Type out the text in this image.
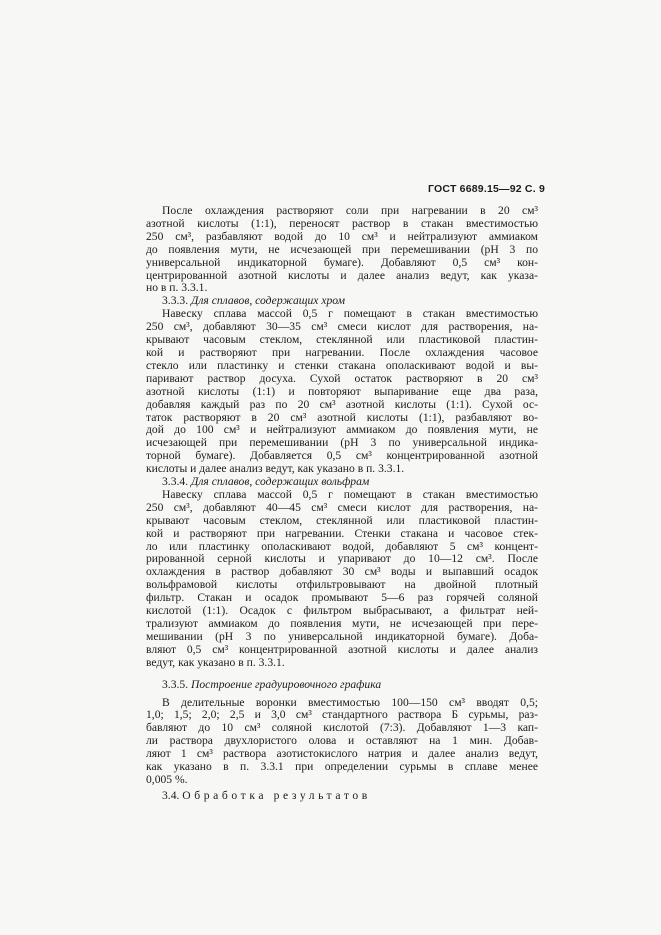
ГОСТ 6689.15—92 С. 9
После охлаждения растворяют соли при нагревании в 20 см³
азотной кислоты (1:1), переносят раствор в стакан вместимостью
250 см³, разбавляют водой до 10 см³ и нейтрализуют аммиаком
до появления мути, не исчезающей при перемешивании (рН 3 по
универсальной индикаторной бумаге). Добавляют 0,5 см³ кон-
центрированной азотной кислоты и далее анализ ведут, как указа-
но в п. 3.3.1.
3.3.3. Для сплавов, содержащих хром
Навеску сплава массой 0,5 г помещают в стакан вместимостью
250 см³, добавляют 30—35 см³ смеси кислот для растворения, на-
крывают часовым стеклом, стеклянной или пластиковой пластин-
кой и растворяют при нагревании. После охлаждения часовое
стекло или пластинку и стенки стакана ополаскивают водой и вы-
паривают раствор досуха. Сухой остаток растворяют в 20 см³
азотной кислоты (1:1) и повторяют выпаривание еще два раза,
добавляя каждый раз по 20 см³ азотной кислоты (1:1). Сухой ос-
таток растворяют в 20 см³ азотной кислоты (1:1), разбавляют во-
дой до 100 см³ и нейтрализуют аммиаком до появления мути, не
исчезающей при перемешивании (рН 3 по универсальной индика-
торной бумаге). Добавляется 0,5 см³ концентрированной азотной
кислоты и далее анализ ведут, как указано в п. 3.3.1.
3.3.4. Для сплавов, содержащих вольфрам
Навеску сплава массой 0,5 г помещают в стакан вместимостью
250 см³, добавляют 40—45 см³ смеси кислот для растворения, на-
крывают часовым стеклом, стеклянной или пластиковой пластин-
кой и растворяют при нагревании. Стенки стакана и часовое стек-
ло или пластинку ополаскивают водой, добавляют 5 см³ концент-
рированной серной кислоты и упаривают до 10—12 см³. После
охлаждения в раствор добавляют 30 см³ воды и выпавший осадок
вольфрамовой кислоты отфильтровывают на двойной плотный
фильтр. Стакан и осадок промывают 5—6 раз горячей соляной
кислотой (1:1). Осадок с фильтром выбрасывают, а фильтрат ней-
трализуют аммиаком до появления мути, не исчезающей при пере-
мешивании (рН 3 по универсальной индикаторной бумаге). Доба-
вляют 0,5 см³ концентрированной азотной кислоты и далее анализ
ведут, как указано в п. 3.3.1.
3.3.5. Построение градуировочного графика
В делительные воронки вместимостью 100—150 см³ вводят 0,5;
1,0; 1,5; 2,0; 2,5 и 3,0 см³ стандартного раствора Б сурьмы, раз-
бавляют до 10 см³ соляной кислотой (7:3). Добавляют 1—3 кап-
ли раствора двухлористого олова и оставляют на 1 мин. Добав-
ляют 1 см³ раствора азотистокислого натрия и далее анализ ведут,
как указано в п. 3.3.1 при определении сурьмы в сплаве менее
0,005 %.
3.4. Обработка результатов
